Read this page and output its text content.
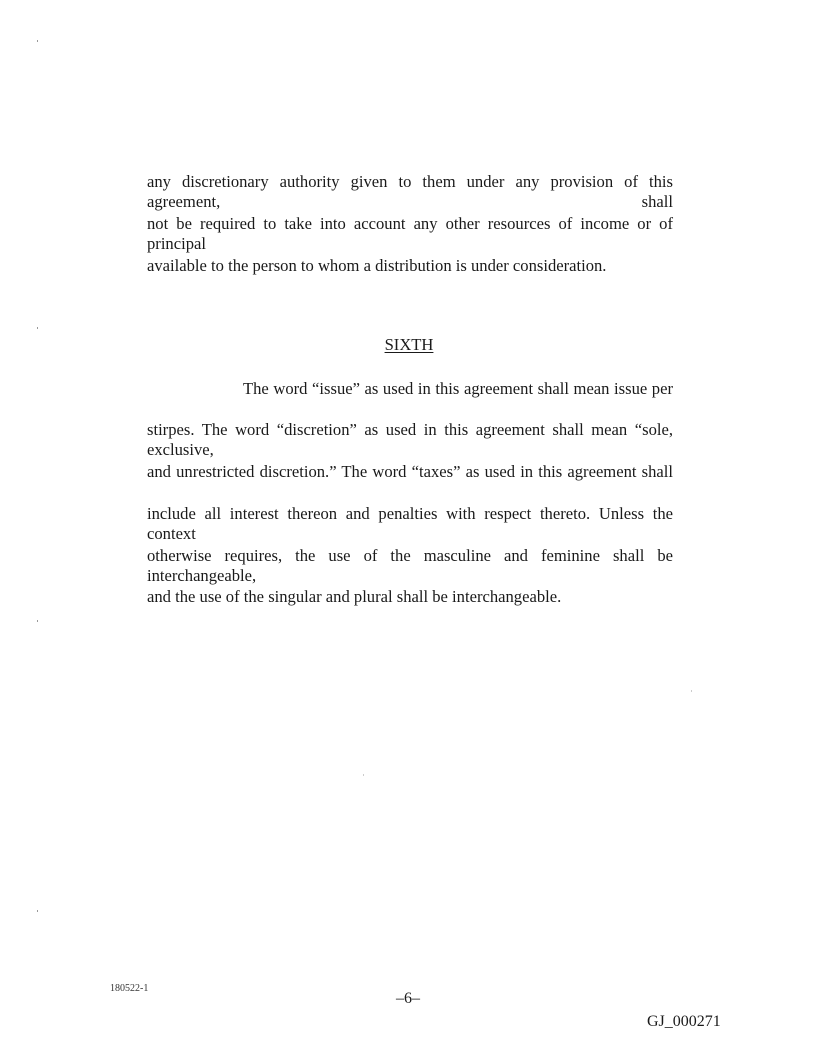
any discretionary authority given to them under any provision of this agreement, shall
not be required to take into account any other resources of income or of principal
available to the person to whom a distribution is under consideration.
SIXTH
The word “issue” as used in this agreement shall mean issue per
stirpes. The word “discretion” as used in this agreement shall mean “sole, exclusive,
and unrestricted discretion.” The word “taxes” as used in this agreement shall
include all interest thereon and penalties with respect thereto. Unless the context
otherwise requires, the use of the masculine and feminine shall be interchangeable,
and the use of the singular and plural shall be interchangeable.
180522-1
–6–
GJ_000271
